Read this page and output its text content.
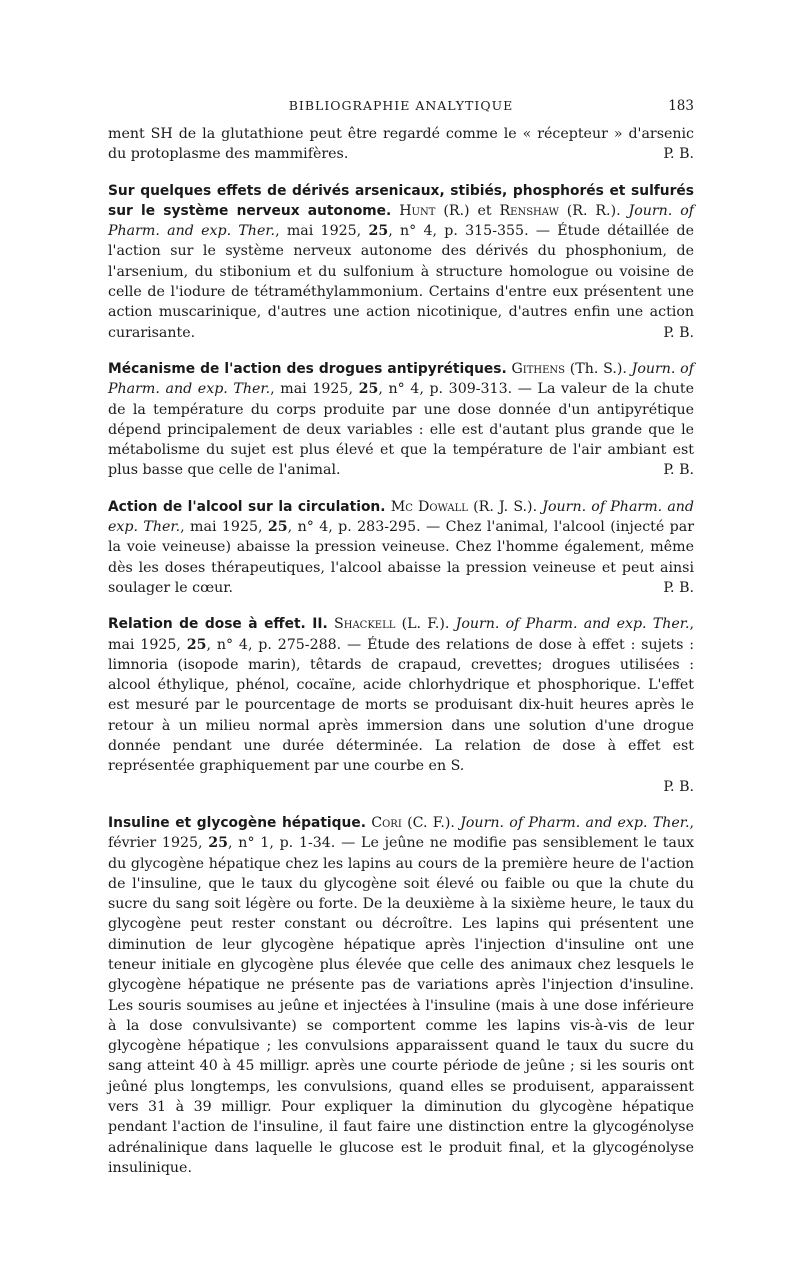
BIBLIOGRAPHIE ANALYTIQUE	183

ment SH de la glutathione peut être regardé comme le « récepteur » d'arsenic du protoplasme des mammifères.	P. B.

Sur quelques effets de dérivés arsenicaux, stibiés, phosphorés et sulfurés sur le système nerveux autonome. Hunt (R.) et Renshaw (R. R.). Journ. of Pharm. and exp. Ther., mai 1925, 25, n° 4, p. 315-355. — Étude détaillée de l'action sur le système nerveux autonome des dérivés du phosphonium, de l'arsenium, du stibonium et du sulfonium à structure homologue ou voisine de celle de l'iodure de tétraméthylammonium. Certains d'entre eux présentent une action muscarinique, d'autres une action nicotinique, d'autres enfin une action curarisante.	P. B.

Mécanisme de l'action des drogues antipyrétiques. Githens (Th. S.). Journ. of Pharm. and exp. Ther., mai 1925, 25, n° 4, p. 309-313. — La valeur de la chute de la température du corps produite par une dose donnée d'un antipyrétique dépend principalement de deux variables : elle est d'autant plus grande que le métabolisme du sujet est plus élevé et que la température de l'air ambiant est plus basse que celle de l'animal.	P. B.

Action de l'alcool sur la circulation. Mc Dowall (R. J. S.). Journ. of Pharm. and exp. Ther., mai 1925, 25, n° 4, p. 283-295. — Chez l'animal, l'alcool (injecté par la voie veineuse) abaisse la pression veineuse. Chez l'homme également, même dès les doses thérapeutiques, l'alcool abaisse la pression veineuse et peut ainsi soulager le cœur.	P. B.

Relation de dose à effet. II. Shackell (L. F.). Journ. of Pharm. and exp. Ther., mai 1925, 25, n° 4, p. 275-288. — Étude des relations de dose à effet : sujets : limnoria (isopode marin), têtards de crapaud, crevettes; drogues utilisées : alcool éthylique, phénol, cocaïne, acide chlorhydrique et phosphorique. L'effet est mesuré par le pourcentage de morts se produisant dix-huit heures après le retour à un milieu normal après immersion dans une solution d'une drogue donnée pendant une durée déterminée. La relation de dose à effet est représentée graphiquement par une courbe en S.

P. B.

Insuline et glycogène hépatique. Cori (C. F.). Journ. of Pharm. and exp. Ther., février 1925, 25, n° 1, p. 1-34. — Le jeûne ne modifie pas sensiblement le taux du glycogène hépatique chez les lapins au cours de la première heure de l'action de l'insuline, que le taux du glycogène soit élevé ou faible ou que la chute du sucre du sang soit légère ou forte. De la deuxième à la sixième heure, le taux du glycogène peut rester constant ou décroître. Les lapins qui présentent une diminution de leur glycogène hépatique après l'injection d'insuline ont une teneur initiale en glycogène plus élevée que celle des animaux chez lesquels le glycogène hépatique ne présente pas de variations après l'injection d'insuline. Les souris soumises au jeûne et injectées à l'insuline (mais à une dose inférieure à la dose convulsivante) se comportent comme les lapins vis-à-vis de leur glycogène hépatique ; les convulsions apparaissent quand le taux du sucre du sang atteint 40 à 45 milligr. après une courte période de jeûne ; si les souris ont jeûné plus longtemps, les convulsions, quand elles se produisent, apparaissent vers 31 à 39 milligr. Pour expliquer la diminution du glycogène hépatique pendant l'action de l'insuline, il faut faire une distinction entre la glycogénolyse adrénalinique dans laquelle le glucose est le produit final, et la glycogénolyse insulinique.
